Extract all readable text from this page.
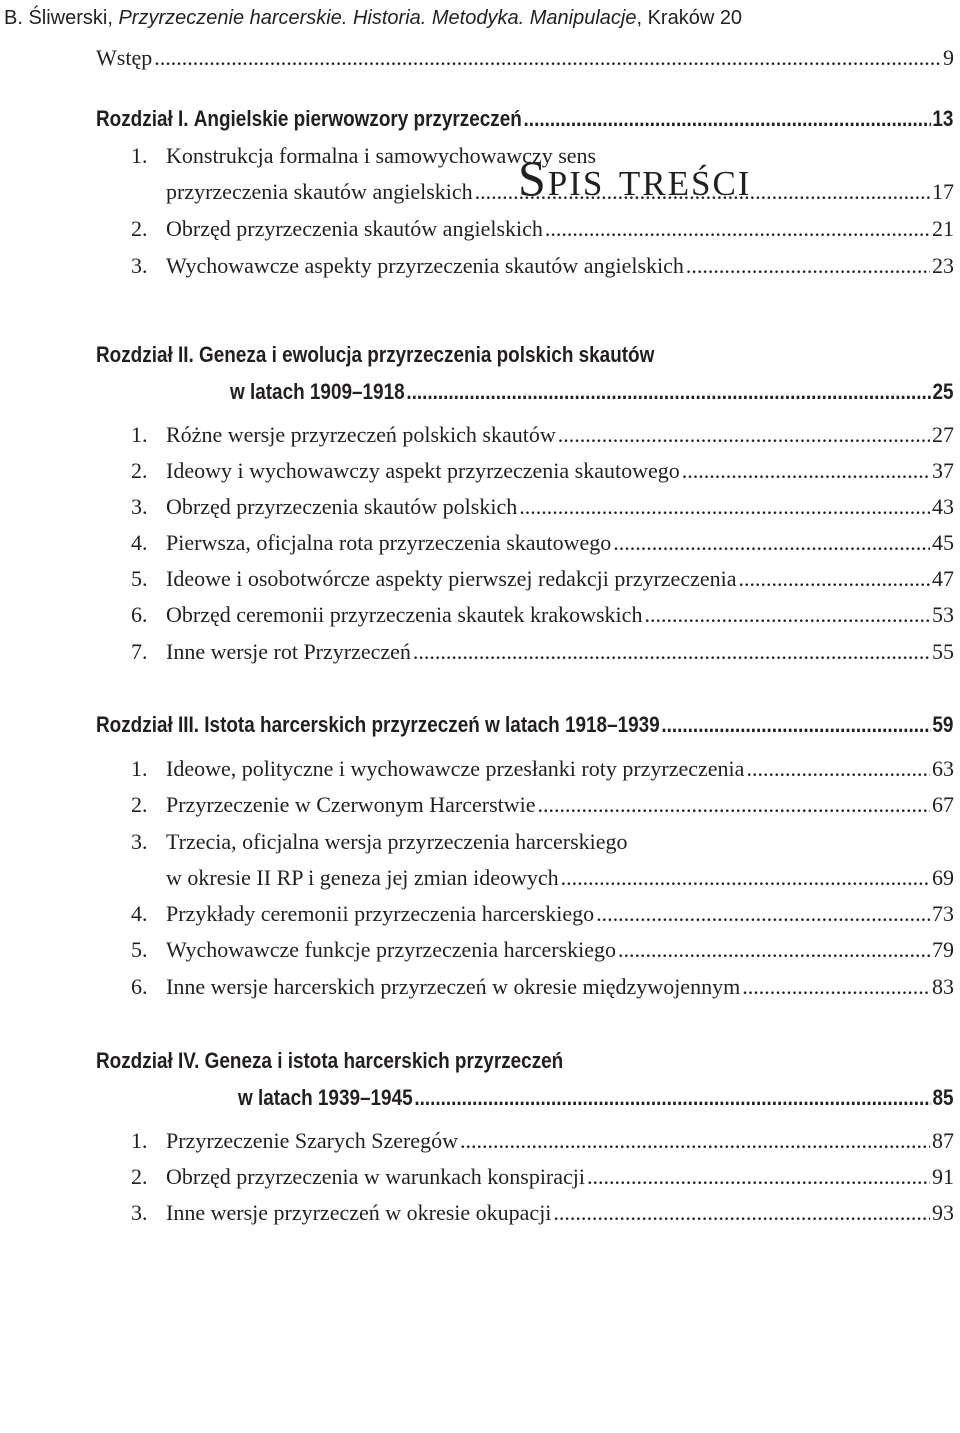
B. Śliwerski, Przyrzeczenie harcerskie. Historia. Metodyka. Manipulacje, Kraków 20
Spis treści
Wstęp .....	9
Rozdział I.
Angielskie pierwowzory przyrzeczeń .....	13
1. Konstrukcja formalna i samowychowawczy sens
przyrzeczenia skautów angielskich .....	17
2. Obrzęd przyrzeczenia skautów angielskich .....	21
3. Wychowawcze aspekty przyrzeczenia skautów angielskich .....	23
Rozdział II.
Geneza i ewolucja przyrzeczenia polskich skautów
w latach 1909–1918 .....	25
1. Różne wersje przyrzeczeń polskich skautów .....	27
2. Ideowy i wychowawczy aspekt przyrzeczenia skautowego .....	37
3. Obrzęd przyrzeczenia skautów polskich .....	43
4. Pierwsza, oficjalna rota przyrzeczenia skautowego .....	45
5. Ideowe i osobotwórcze aspekty pierwszej redakcji przyrzeczenia .....	47
6. Obrzęd ceremonii przyrzeczenia skautek krakowskich .....	53
7. Inne wersje rot Przyrzeczeń .....	55
Rozdział III.
Istota harcerskich przyrzeczeń w latach 1918–1939 .....	59
1. Ideowe, polityczne i wychowawcze przesłanki roty przyrzeczenia .....	63
2. Przyrzeczenie w Czerwonym Harcerstwie .....	67
3. Trzecia, oficjalna wersja przyrzeczenia harcerskiego
w okresie II RP i geneza jej zmian ideowych .....	69
4. Przykłady ceremonii przyrzeczenia harcerskiego .....	73
5. Wychowawcze funkcje przyrzeczenia harcerskiego .....	79
6. Inne wersje harcerskich przyrzeczeń w okresie międzywojennym .....	83
Rozdział IV.
Geneza i istota harcerskich przyrzeczeń
w latach 1939–1945 .....	85
1. Przyrzeczenie Szarych Szeregów .....	87
2. Obrzęd przyrzeczenia w warunkach konspiracji .....	91
3. Inne wersje przyrzeczeń w okresie okupacji .....	93
